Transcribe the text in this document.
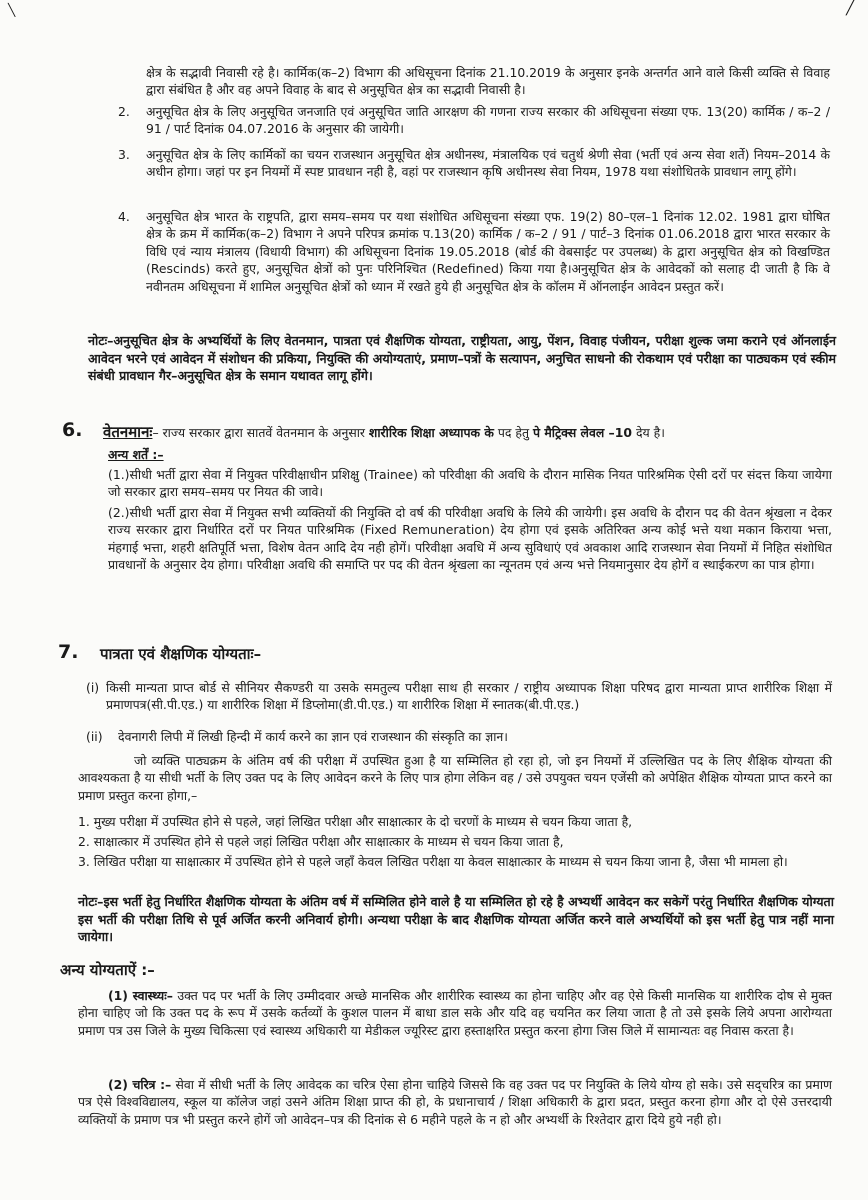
╲	╱

क्षेत्र के सद्भावी निवासी रहे है। कार्मिक(क–2) विभाग की अधिसूचना दिनांक 21.10.2019 के अनुसार इनके अन्तर्गत आने वाले किसी व्यक्ति से विवाह द्वारा संबंधित है और वह अपने विवाह के बाद से अनुसूचित क्षेत्र का सद्भावी निवासी है।

2. अनुसूचित क्षेत्र के लिए अनुसूचित जनजाति एवं अनुसूचित जाति आरक्षण की गणना राज्य सरकार की अधिसूचना संख्या एफ. 13(20) कार्मिक / क–2 / 91 / पार्ट दिनांक 04.07.2016 के अनुसार की जायेगी।

3. अनुसूचित क्षेत्र के लिए कार्मिकों का चयन राजस्थान अनुसूचित क्षेत्र अधीनस्थ, मंत्रालयिक एवं चतुर्थ श्रेणी सेवा (भर्ती एवं अन्य सेवा शर्ते) नियम–2014 के अधीन होगा। जहां पर इन नियमों में स्पष्ट प्रावधान नही है, वहां पर राजस्थान कृषि अधीनस्थ सेवा नियम, 1978 यथा संशोधितके प्रावधान लागू होंगे।

4. अनुसूचित क्षेत्र भारत के राष्ट्रपति, द्वारा समय–समय पर यथा संशोधित अधिसूचना संख्या एफ. 19(2) 80–एल–1 दिनांक 12.02. 1981 द्वारा घोषित क्षेत्र के क्रम में कार्मिक(क–2) विभाग ने अपने परिपत्र क्रमांक प.13(20) कार्मिक / क–2 / 91 / पार्ट–3 दिनांक 01.06.2018 द्वारा भारत सरकार के विधि एवं न्याय मंत्रालय (विधायी विभाग) की अधिसूचना दिनांक 19.05.2018 (बोर्ड की वेबसाईट पर उपलब्ध) के द्वारा अनुसूचित क्षेत्र को विखण्डित (Rescinds) करते हुए, अनुसूचित क्षेत्रों को पुनः परिनिश्चित (Redefined) किया गया है।अनुसूचित क्षेत्र के आवेदकों को सलाह दी जाती है कि वे नवीनतम अधिसूचना में शामिल अनुसूचित क्षेत्रों को ध्यान में रखते हुये ही अनुसूचित क्षेत्र के कॉलम में ऑनलाईन आवेदन प्रस्तुत करें।

नोटः–अनुसूचित क्षेत्र के अभ्यर्थियों के लिए वेतनमान, पात्रता एवं शैक्षणिक योग्यता, राष्ट्रीयता, आयु, पेंशन, विवाह पंजीयन, परीक्षा शुल्क जमा कराने एवं ऑनलाईन आवेदन भरने एवं आवेदन में संशोधन की प्रकिया, नियुक्ति की अयोग्यताएं, प्रमाण–पत्रों के सत्यापन, अनुचित साधनो की रोकथाम एवं परीक्षा का पाठ्यकम एवं स्कीम संबंधी प्रावधान गैर–अनुसूचित क्षेत्र के समान यथावत लागू होंगे।

6. वेतनमानः– राज्य सरकार द्वारा सातवें वेतनमान के अनुसार शारीरिक शिक्षा अध्यापक के पद हेतु पे मैट्रिक्स लेवल –10 देय है।

अन्य शर्तें :–

(1.)सीधी भर्ती द्वारा सेवा में नियुक्त परिवीक्षाधीन प्रशिक्षु (Trainee) को परिवीक्षा की अवधि के दौरान मासिक नियत पारिश्रमिक ऐसी दरों पर संदत्त किया जायेगा जो सरकार द्वारा समय–समय पर नियत की जावे।

(2.)सीधी भर्ती द्वारा सेवा में नियुक्त सभी व्यक्तियों की नियुक्ति दो वर्ष की परिवीक्षा अवधि के लिये की जायेगी। इस अवधि के दौरान पद की वेतन श्रृंखला न देकर राज्य सरकार द्वारा निर्धारित दरों पर नियत पारिश्रमिक (Fixed Remuneration) देय होगा एवं इसके अतिरिक्त अन्य कोई भत्ते यथा मकान किराया भत्ता, मंहगाई भत्ता, शहरी क्षतिपूर्ति भत्ता, विशेष वेतन आदि देय नही होगें। परिवीक्षा अवधि में अन्य सुविधाएं एवं अवकाश आदि राजस्थान सेवा नियमों में निहित संशोधित प्रावधानों के अनुसार देय होगा। परिवीक्षा अवधि की समाप्ति पर पद की वेतन श्रृंखला का न्यूनतम एवं अन्य भत्ते नियमानुसार देय होगें व स्थाईकरण का पात्र होगा।

7. पात्रता एवं शैक्षणिक योग्यताः–

(i) किसी मान्यता प्राप्त बोर्ड से सीनियर सैकण्डरी या उसके समतुल्य परीक्षा साथ ही सरकार / राष्ट्रीय अध्यापक शिक्षा परिषद द्वारा मान्यता प्राप्त शारीरिक शिक्षा में प्रमाणपत्र(सी.पी.एड.) या शारीरिक शिक्षा में डिप्लोमा(डी.पी.एड.) या शारीरिक शिक्षा में स्नातक(बी.पी.एड.)

(ii) देवनागरी लिपी में लिखी हिन्दी में कार्य करने का ज्ञान एवं राजस्थान की संस्कृति का ज्ञान।

जो व्यक्ति पाठ्यक्रम के अंतिम वर्ष की परीक्षा में उपस्थित हुआ है या सम्मिलित हो रहा हो, जो इन नियमों में उल्लिखित पद के लिए शैक्षिक योग्यता की आवश्यकता है या सीधी भर्ती के लिए उक्त पद के लिए आवेदन करने के लिए पात्र होगा लेकिन वह / उसे उपयुक्त चयन एजेंसी को अपेक्षित शैक्षिक योग्यता प्राप्त करने का प्रमाण प्रस्तुत करना होगा,–

1. मुख्य परीक्षा में उपस्थित होने से पहले, जहां लिखित परीक्षा और साक्षात्कार के दो चरणों के माध्यम से चयन किया जाता है,

2. साक्षात्कार में उपस्थित होने से पहले जहां लिखित परीक्षा और साक्षात्कार के माध्यम से चयन किया जाता है,

3. लिखित परीक्षा या साक्षात्कार में उपस्थित होने से पहले जहॉं केवल लिखित परीक्षा या केवल साक्षात्कार के माध्यम से चयन किया जाना है, जैसा भी मामला हो।

नोटः–इस भर्ती हेतु निर्धारित शैक्षणिक योग्यता के अंतिम वर्ष में सम्मिलित होने वाले है या सम्मिलित हो रहे है अभ्यर्थी आवेदन कर सकेगें परंतु निर्धारित शैक्षणिक योग्यता इस भर्ती की परीक्षा तिथि से पूर्व अर्जित करनी अनिवार्य होगी। अन्यथा परीक्षा के बाद शैक्षणिक योग्यता अर्जित करने वाले अभ्यर्थियों को इस भर्ती हेतु पात्र नहीं माना जायेगा।

अन्य योग्यताऐं :–

(1) स्वास्थ्यः– उक्त पद पर भर्ती के लिए उम्मीदवार अच्छे मानसिक और शारीरिक स्वास्थ्य का होना चाहिए और वह ऐसे किसी मानसिक या शारीरिक दोष से मुक्त होना चाहिए जो कि उक्त पद के रूप में उसके कर्तव्यों के कुशल पालन में बाधा डाल सके और यदि वह चयनित कर लिया जाता है तो उसे इसके लिये अपना आरोग्यता प्रमाण पत्र उस जिले के मुख्य चिकित्सा एवं स्वास्थ्य अधिकारी या मेडीकल ज्यूरिस्ट द्वारा हस्ताक्षरित प्रस्तुत करना होगा जिस जिले में सामान्यतः वह निवास करता है।

(2) चरित्र :– सेवा में सीधी भर्ती के लिए आवेदक का चरित्र ऐसा होना चाहिये जिससे कि वह उक्त पद पर नियुक्ति के लिये योग्य हो सके। उसे सद्चरित्र का प्रमाण पत्र ऐसे विश्वविद्यालय, स्कूल या कॉलेज जहां उसने अंतिम शिक्षा प्राप्त की हो, के प्रधानाचार्य / शिक्षा अधिकारी के द्वारा प्रदत, प्रस्तुत करना होगा और दो ऐसे उत्तरदायी व्यक्तियों के प्रमाण पत्र भी प्रस्तुत करने होगें जो आवेदन–पत्र की दिनांक से 6 महीने पहले के न हो और अभ्यर्थी के रिश्तेदार द्वारा दिये हुये नही हो।
